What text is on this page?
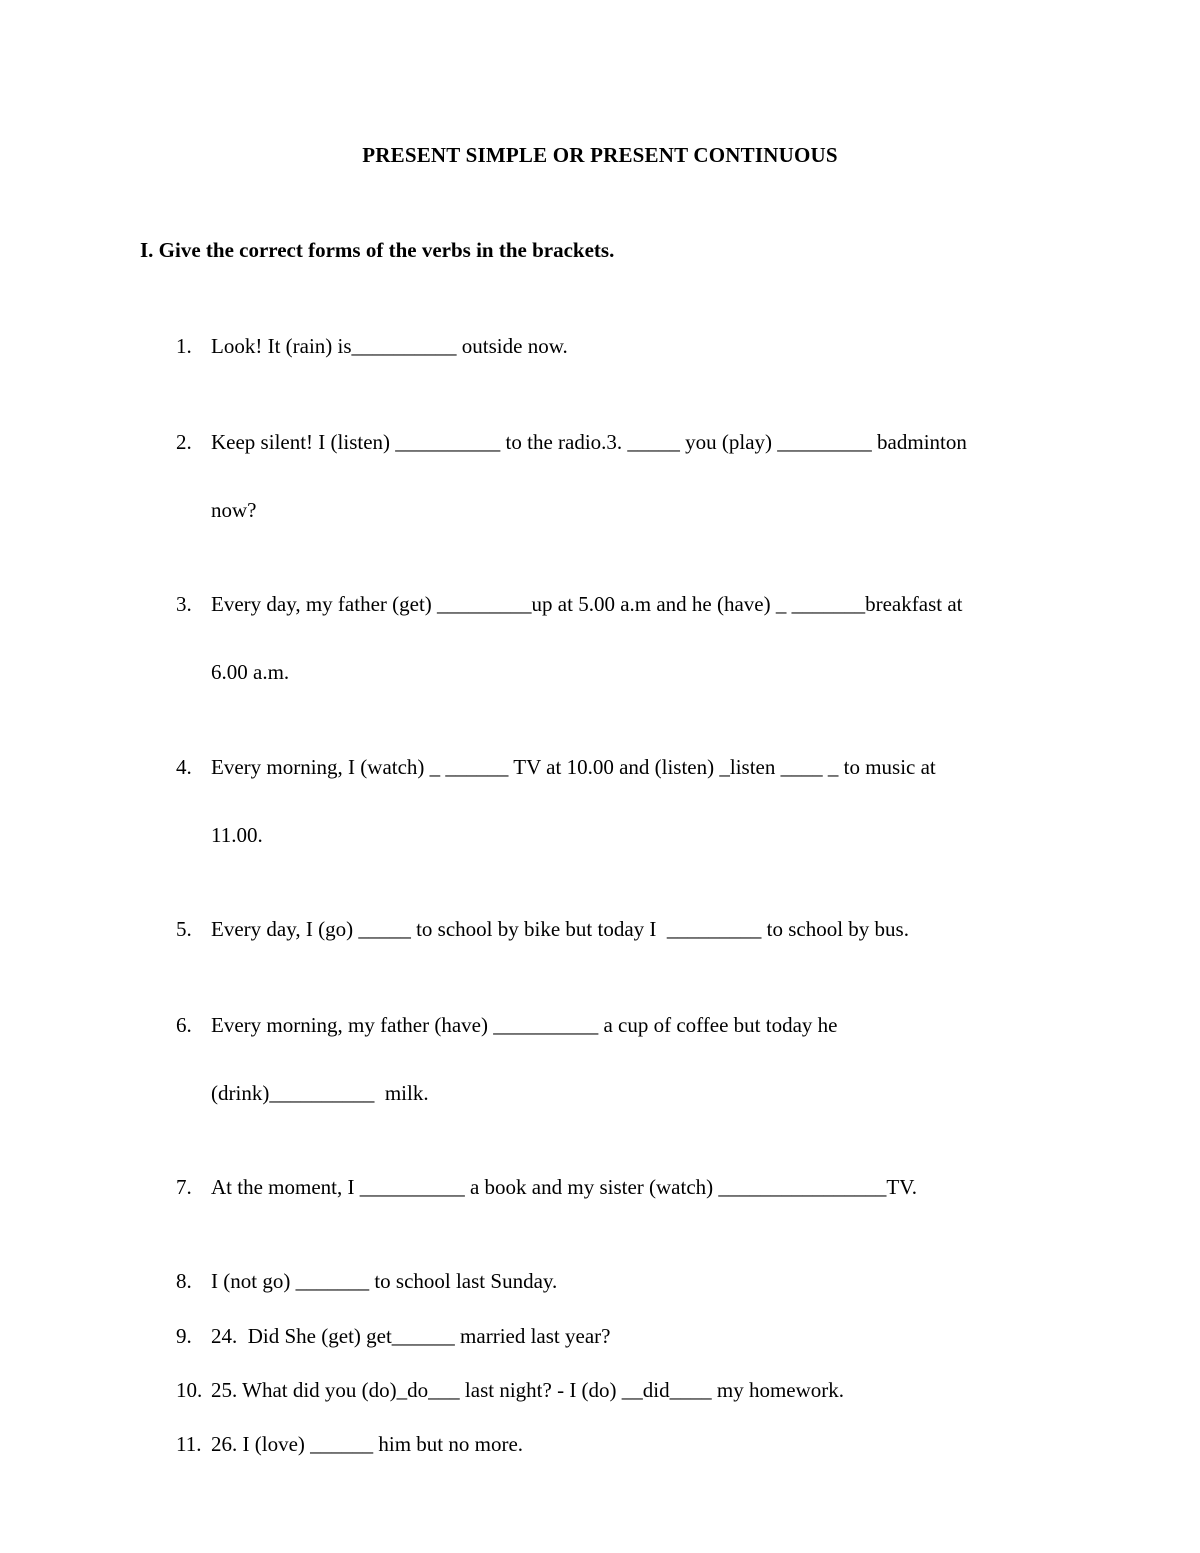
PRESENT SIMPLE OR PRESENT CONTINUOUS
I. Give the correct forms of the verbs in the brackets.
1. Look! It (rain) is__________ outside now.
2. Keep silent! I (listen) __________ to the radio.3. _____ you (play) _________ badminton
now?
3. Every day, my father (get) _________up at 5.00 a.m and he (have) _ _______breakfast at
6.00 a.m.
4. Every morning, I (watch) _ ______ TV at 10.00 and (listen) _listen ____ _ to music at
11.00.
5. Every day, I (go) _____ to school by bike but today I  _________ to school by bus.
6. Every morning, my father (have) __________ a cup of coffee but today he
(drink)__________  milk.
7. At the moment, I __________ a book and my sister (watch) ________________TV.
8. I (not go) _______ to school last Sunday.
9. 24.  Did She (get) get______ married last year?
10. 25. What did you (do)_do___ last night? - I (do) __did____ my homework.
11. 26. I (love) ______ him but no more.
